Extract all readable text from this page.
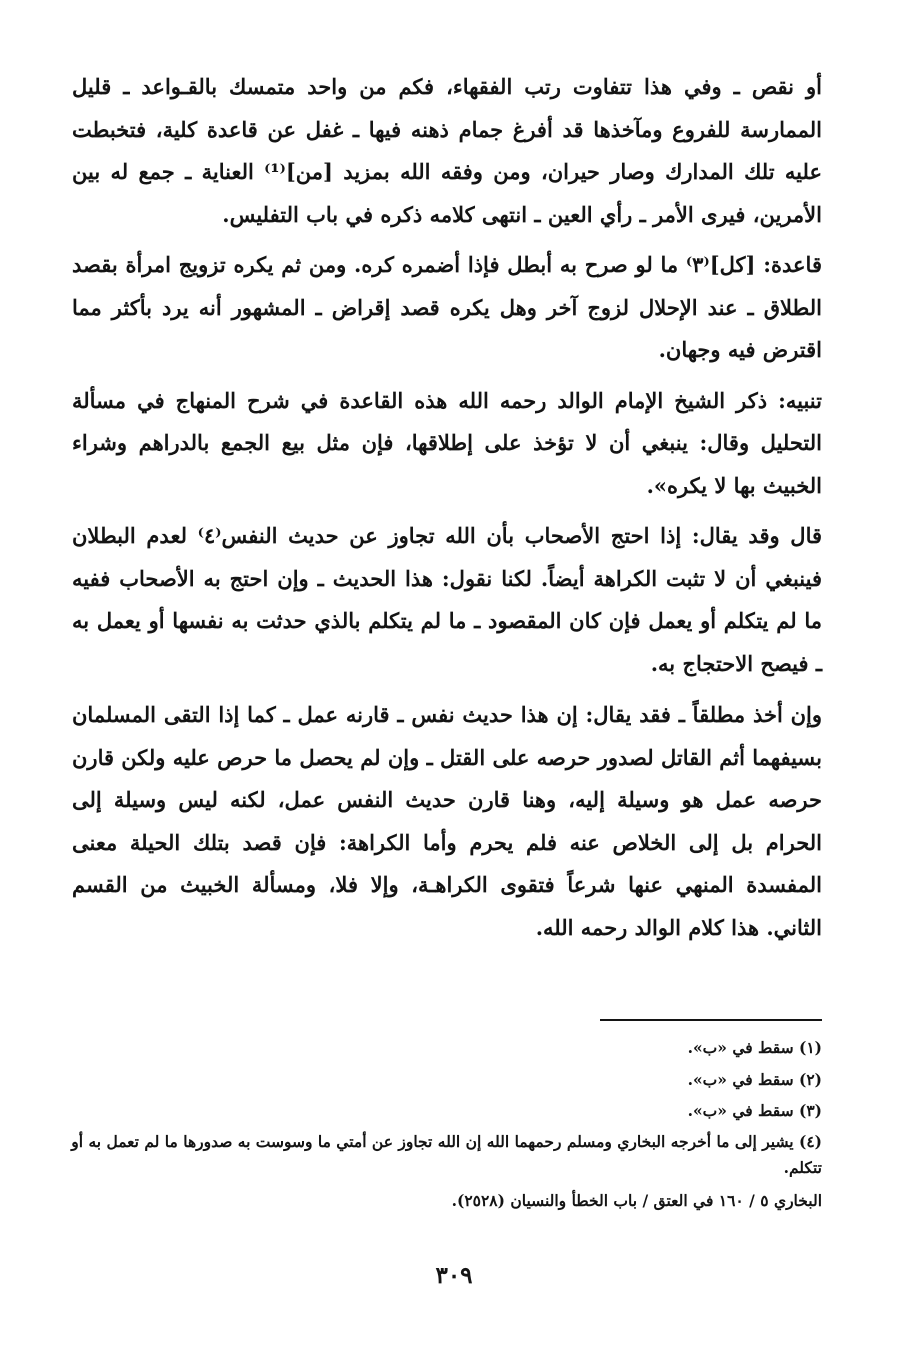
أو نقص ـ وفي هذا تتفاوت رتب الفقهاء، فكم من واحد متمسك بالقـواعد ـ قليل الممارسة للفروع ومآخذها قد أفرغ جمام ذهنه فيها ـ غفل عن قاعدة كلية، فتخبطت عليه تلك المدارك وصار حيران، ومن وفقه الله بمزيد [من]⁽¹⁾ العناية ـ جمع له بين الأمرين، فيرى الأمر ـ رأي العين ـ انتهى كلامه ذكره في باب التفليس.

قاعدة: [كل]⁽٣⁾ ما لو صرح به أبطل فإذا أضمره كره. ومن ثم يكره تزويج امرأة بقصد الطلاق ـ عند الإحلال لزوج آخر وهل يكره قصد إقراض ـ المشهور أنه يرد بأكثر مما اقترض فيه وجهان.

تنبيه: ذكر الشيخ الإمام الوالد رحمه الله هذه القاعدة في شرح المنهاج في مسألة التحليل وقال: ينبغي أن لا تؤخذ على إطلاقها، فإن مثل بيع الجمع بالدراهم وشراء الخبيث بها لا يكره».

قال وقد يقال: إذا احتج الأصحاب بأن الله تجاوز عن حديث النفس⁽٤⁾ لعدم البطلان فينبغي أن لا تثبت الكراهة أيضاً. لكنا نقول: هذا الحديث ـ وإن احتج به الأصحاب ففيه ما لم يتكلم أو يعمل فإن كان المقصود ـ ما لم يتكلم بالذي حدثت به نفسها أو يعمل به ـ فيصح الاحتجاج به.

وإن أخذ مطلقاً ـ فقد يقال: إن هذا حديث نفس ـ قارنه عمل ـ كما إذا التقى المسلمان بسيفهما أثم القاتل لصدور حرصه على القتل ـ وإن لم يحصل ما حرص عليه ولكن قارن حرصه عمل هو وسيلة إليه، وهنا قارن حديث النفس عمل، لكنه ليس وسيلة إلى الحرام بل إلى الخلاص عنه فلم يحرم وأما الكراهة: فإن قصد بتلك الحيلة معنى المفسدة المنهي عنها شرعاً فتقوى الكراهـة، وإلا فلا، ومسألة الخبيث من القسم الثاني. هذا كلام الوالد رحمه الله.

(١) سقط في «ب».

(٢) سقط في «ب».

(٣) سقط في «ب».

(٤) يشير إلى ما أخرجه البخاري ومسلم رحمهما الله إن الله تجاوز عن أمتي ما وسوست به صدورها ما لم تعمل به أو تتكلم.

البخاري ٥ / ١٦٠ في العتق / باب الخطأ والنسيان (٢٥٢٨).

٣٠٩
